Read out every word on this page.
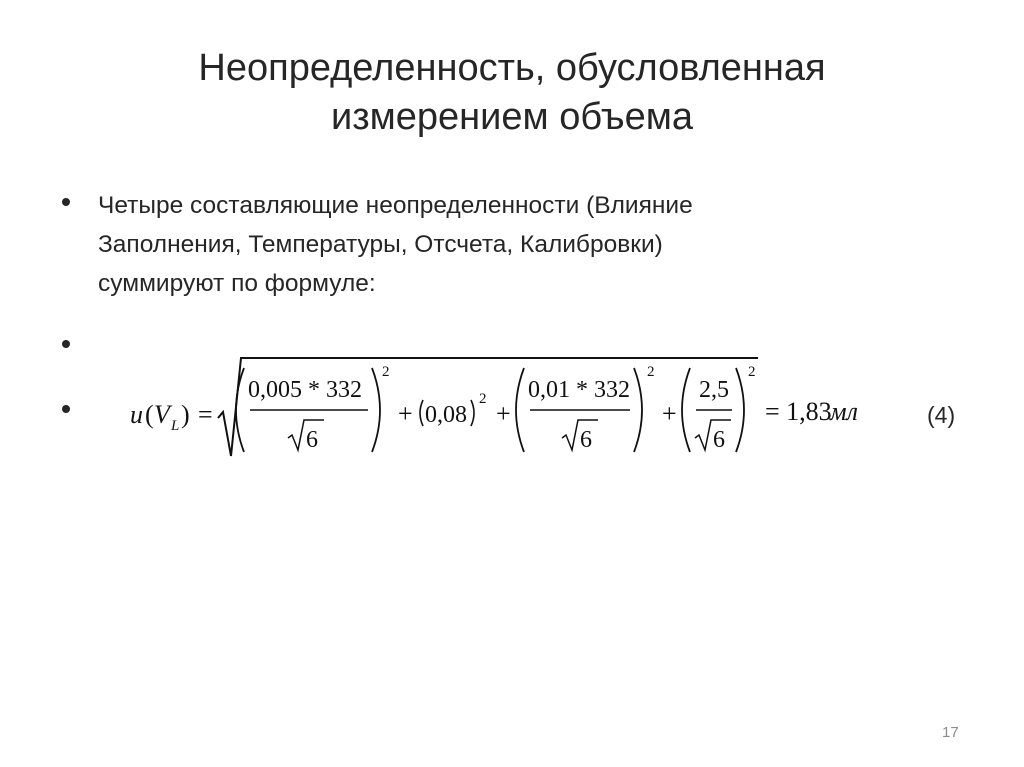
Неопределенность, обусловленная
измерением объема
Четыре составляющие неопределенности (Влияние
Заполнения, Температуры, Отсчета, Калибровки)
суммируют по формуле:
u ( V L ) =
0,005 * 332
6
2
+ 0,08
2 +
0,01 * 332
6
2
+
2,5
6
2
= 1,83
мл	(4)
17
